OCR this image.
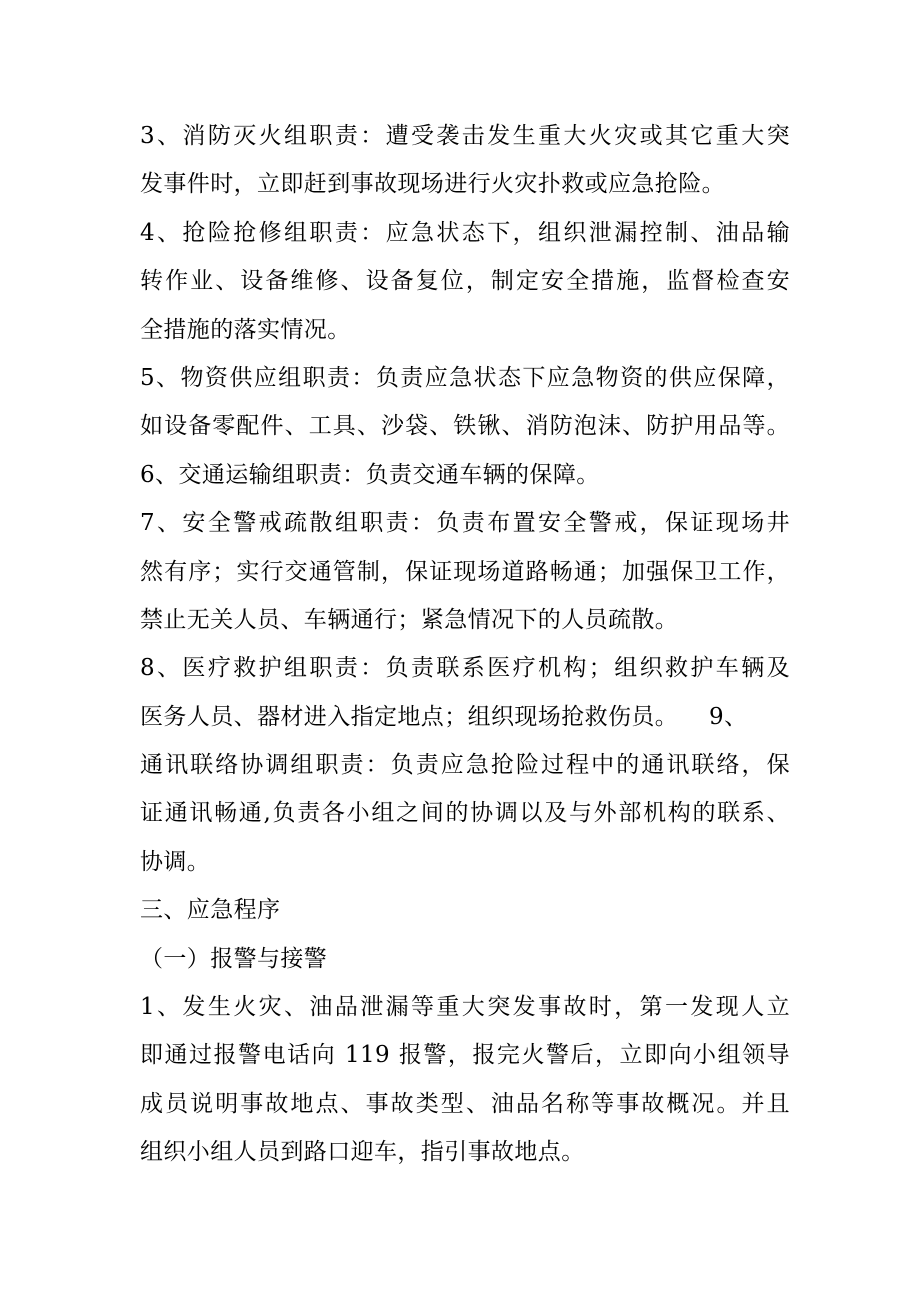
3、消防灭火组职责：遭受袭击发生重大火灾或其它重大突
发事件时，立即赶到事故现场进行火灾扑救或应急抢险。
4、抢险抢修组职责：应急状态下，组织泄漏控制、油品输
转作业、设备维修、设备复位，制定安全措施，监督检查安
全措施的落实情况。
5、物资供应组职责：负责应急状态下应急物资的供应保障，
如设备零配件、工具、沙袋、铁锹、消防泡沫、防护用品等。
6、交通运输组职责：负责交通车辆的保障。
7、安全警戒疏散组职责：负责布置安全警戒，保证现场井
然有序；实行交通管制，保证现场道路畅通；加强保卫工作，
禁止无关人员、车辆通行；紧急情况下的人员疏散。
8、医疗救护组职责：负责联系医疗机构；组织救护车辆及
医务人员、器材进入指定地点；组织现场抢救伤员。    9、
通讯联络协调组职责：负责应急抢险过程中的通讯联络，保
证通讯畅通,负责各小组之间的协调以及与外部机构的联系、
协调。
三、应急程序
（一）报警与接警
1、发生火灾、油品泄漏等重大突发事故时，第一发现人立
即通过报警电话向 119 报警，报完火警后，立即向小组领导
成员说明事故地点、事故类型、油品名称等事故概况。并且
组织小组人员到路口迎车，指引事故地点。
